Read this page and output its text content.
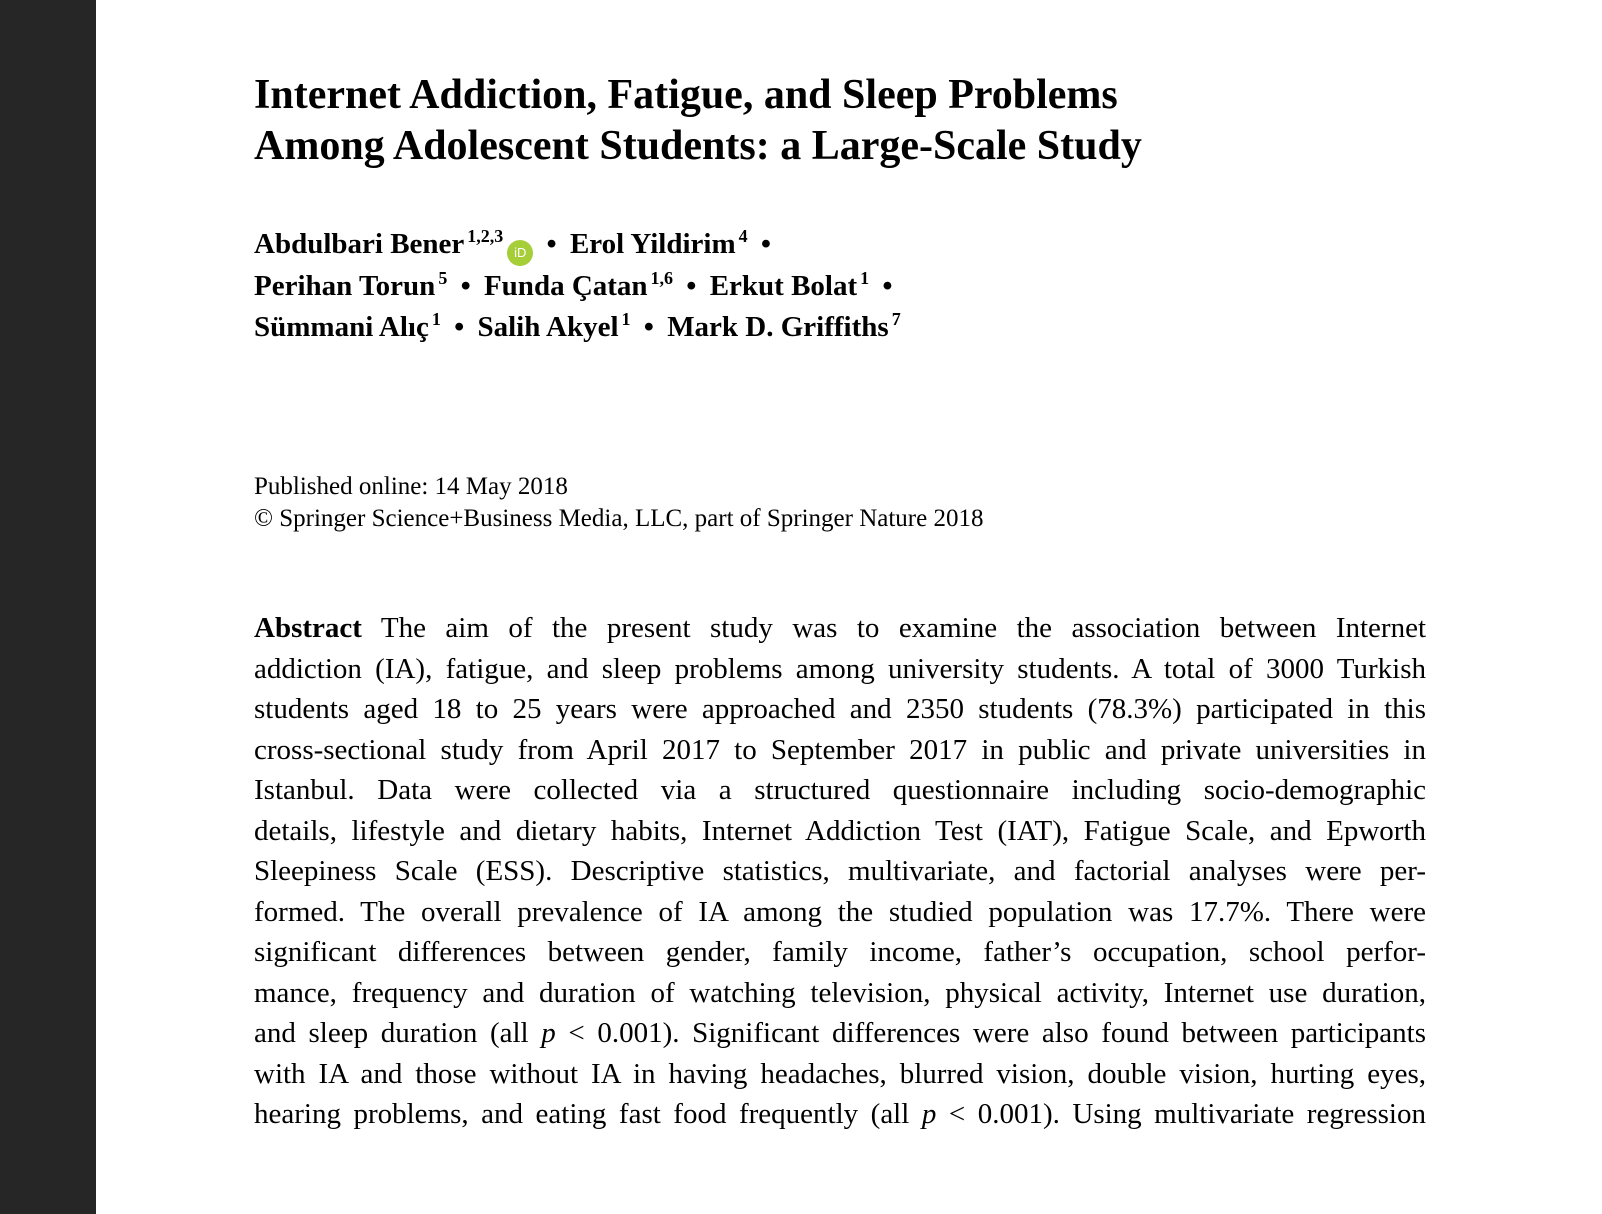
Internet Addiction, Fatigue, and Sleep Problems
Among Adolescent Students: a Large-Scale Study
Abdulbari Bener $^{1,2,3}$iD • Erol Yildirim $^4$ •
Perihan Torun $^5$ • Funda Çatan $^{1,6}$ • Erkut Bolat $^1$ •
Sümmani Alıç $^1$ • Salih Akyel $^1$ • Mark D. Griffiths $^7$
Published online: 14 May 2018
© Springer Science+Business Media, LLC, part of Springer Nature 2018
Abstract The aim of the present study was to examine the association between Internet
addiction (IA), fatigue, and sleep problems among university students. A total of 3000 Turkish
students aged 18 to 25 years were approached and 2350 students (78.3%) participated in this
cross-sectional study from April 2017 to September 2017 in public and private universities in
Istanbul. Data were collected via a structured questionnaire including socio-demographic
details, lifestyle and dietary habits, Internet Addiction Test (IAT), Fatigue Scale, and Epworth
Sleepiness Scale (ESS). Descriptive statistics, multivariate, and factorial analyses were per-
formed. The overall prevalence of IA among the studied population was 17.7%. There were
significant differences between gender, family income, father’s occupation, school perfor-
mance, frequency and duration of watching television, physical activity, Internet use duration,
and sleep duration (all p < 0.001). Significant differences were also found between participants
with IA and those without IA in having headaches, blurred vision, double vision, hurting eyes,
hearing problems, and eating fast food frequently (all p < 0.001). Using multivariate regression
